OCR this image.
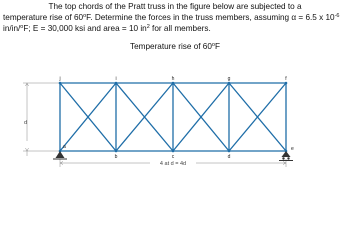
The top chords of the Pratt truss in the figure below are subjected to a
temperature rise of 60$^o$F. Determine the forces in the truss members, assuming α = 6.5 x $10^{-6}$
in/in/$^o$F; E = 30,000 ksi and area = 10 $in^2$ for all members.
Temperature rise of 60$^o$F
d
4 at d = 4d
j	i	h	g	f
a
b	c	d
e
